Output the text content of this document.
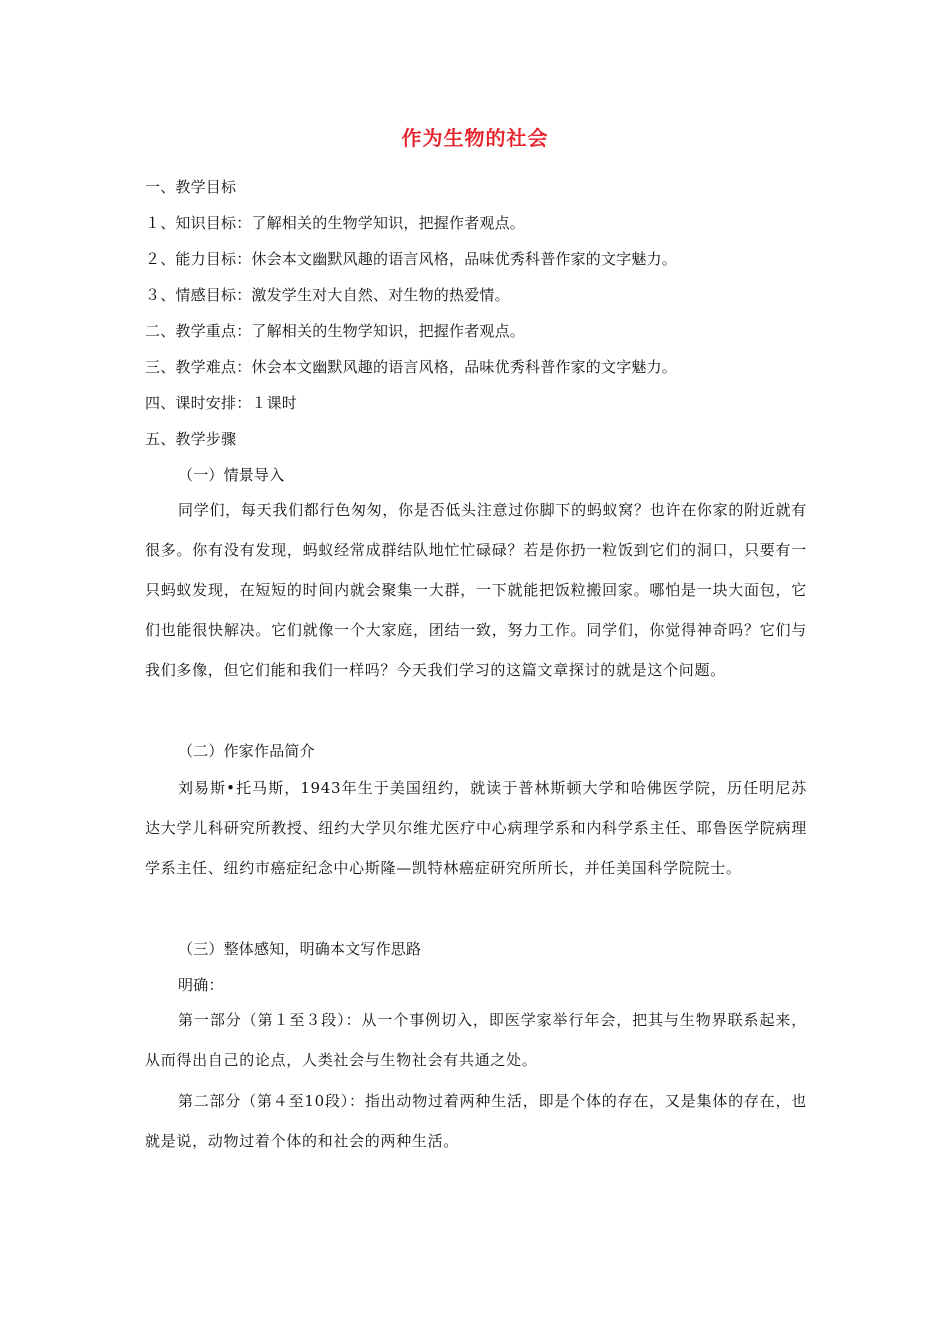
作为生物的社会
一、教学目标
１、知识目标：了解相关的生物学知识，把握作者观点。
２、能力目标：休会本文幽默风趣的语言风格，品味优秀科普作家的文字魅力。
３、情感目标：激发学生对大自然、对生物的热爱情。
二、教学重点：了解相关的生物学知识，把握作者观点。
三、教学难点：休会本文幽默风趣的语言风格，品味优秀科普作家的文字魅力。
四、课时安排：１课时
五、教学步骤
（一）情景导入
同学们，每天我们都行色匆匆，你是否低头注意过你脚下的蚂蚁窝？也许在你家的附近就有很多。你有没有发现，蚂蚁经常成群结队地忙忙碌碌？若是你扔一粒饭到它们的洞口，只要有一只蚂蚁发现，在短短的时间内就会聚集一大群，一下就能把饭粒搬回家。哪怕是一块大面包，它们也能很快解决。它们就像一个大家庭，团结一致，努力工作。同学们，你觉得神奇吗？它们与我们多像，但它们能和我们一样吗？今天我们学习的这篇文章探讨的就是这个问题。
（二）作家作品简介
刘易斯•托马斯，1943年生于美国纽约，就读于普林斯顿大学和哈佛医学院，历任明尼苏达大学儿科研究所教授、纽约大学贝尔维尤医疗中心病理学系和内科学系主任、耶鲁医学院病理学系主任、纽约市癌症纪念中心斯隆—凯特林癌症研究所所长，并任美国科学院院士。
（三）整体感知，明确本文写作思路
明确：
第一部分（第１至３段）：从一个事例切入，即医学家举行年会，把其与生物界联系起来，从而得出自己的论点，人类社会与生物社会有共通之处。
第二部分（第４至10段）：指出动物过着两种生活，即是个体的存在，又是集体的存在，也就是说，动物过着个体的和社会的两种生活。
